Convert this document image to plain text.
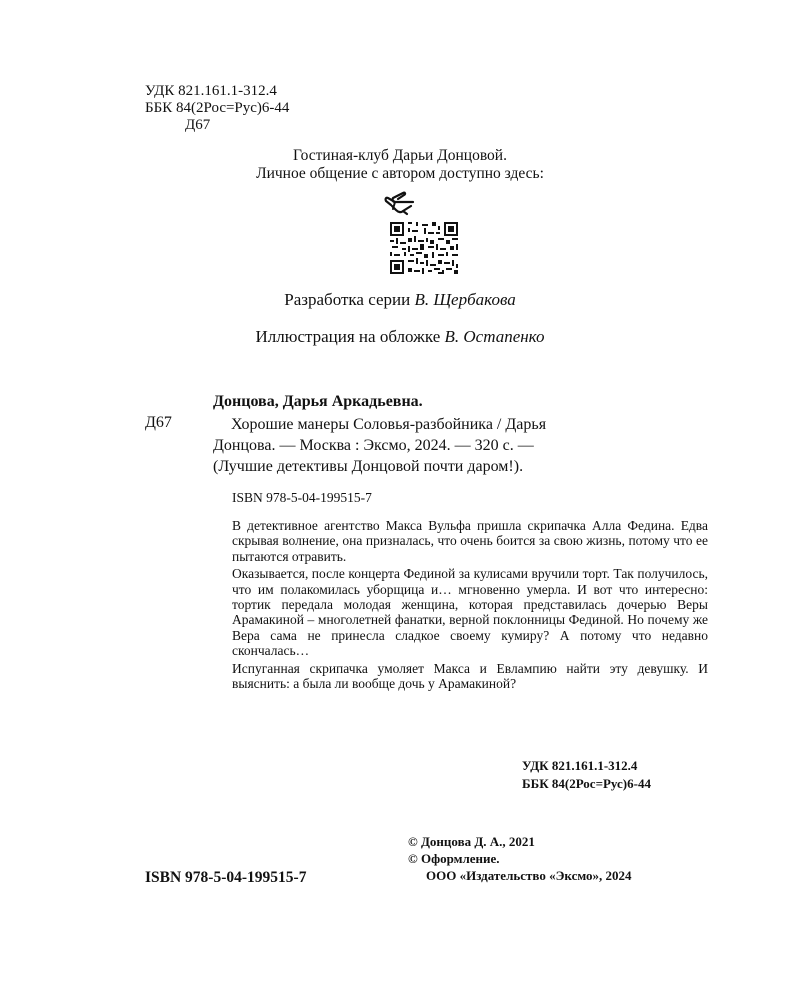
УДК 821.161.1-312.4
ББК 84(2Рос=Рус)6-44
Д67
Гостиная-клуб Дарьи Донцовой.
Личное общение с автором доступно здесь:
Разработка серии В. Щербакова
Иллюстрация на обложке В. Остапенко
Донцова, Дарья Аркадьевна.
Д67	Хорошие манеры Соловья-разбойника / Дарья
Донцова. — Москва : Эксмо, 2024. — 320 с. —
(Лучшие детективы Донцовой почти даром!).
ISBN 978-5-04-199515-7

В детективное агентство Макса Вульфа пришла скрипачка Алла Федина. Едва скрывая волнение, она призналась, что очень боится за свою жизнь, потому что ее пытаются отравить.

Оказывается, после концерта Фединой за кулисами вручили торт. Так получилось, что им полакомилась уборщица и… мгновенно умерла. И вот что интересно: тортик передала молодая женщина, которая представилась дочерью Веры Арамакиной – многолетней фанатки, верной поклонницы Фединой. Но почему же Вера сама не принесла сладкое своему кумиру? А потому что недавно скончалась…

Испуганная скрипачка умоляет Макса и Евлампию найти эту девушку. И выяснить: а была ли вообще дочь у Арамакиной?

УДК 821.161.1-312.4
ББК 84(2Рос=Рус)6-44
© Донцова Д. А., 2021
© Оформление.
ООО «Издательство «Эксмо», 2024
ISBN 978-5-04-199515-7
